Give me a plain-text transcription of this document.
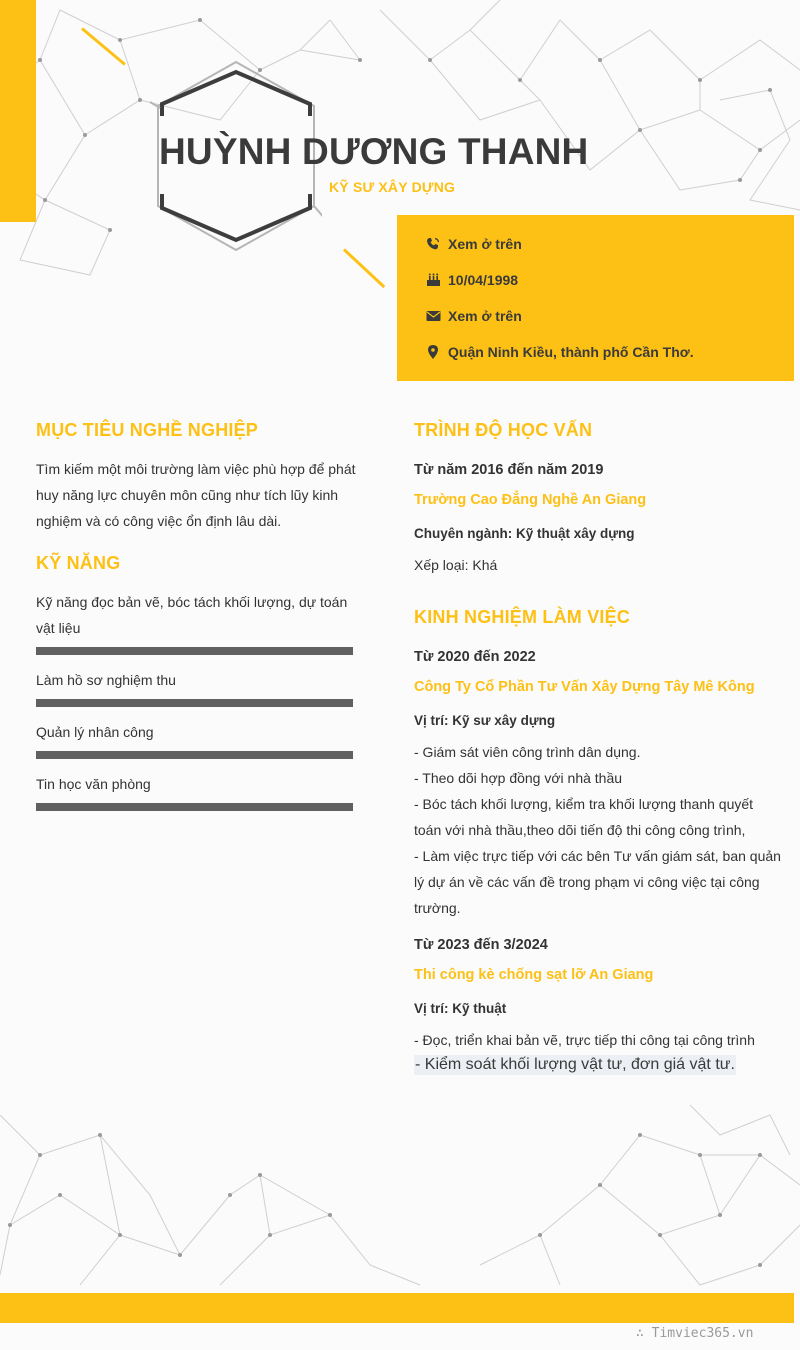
HUỲNH DƯƠNG THANH
KỸ SƯ XÂY DỰNG
Xem ở trên
10/04/1998
Xem ở trên
Quận Ninh Kiều, thành phố Cần Thơ.
MỤC TIÊU NGHỀ NGHIỆP
Tìm kiếm một môi trường làm việc phù hợp để phát huy năng lực chuyên môn cũng như tích lũy kinh nghiệm và có công việc ổn định lâu dài.
KỸ NĂNG
Kỹ năng đọc bản vẽ, bóc tách khối lượng, dự toán vật liệu
Làm hồ sơ nghiệm thu
Quản lý nhân công
Tin học văn phòng
TRÌNH ĐỘ HỌC VẤN
Từ năm 2016 đến năm 2019
Trường Cao Đẳng Nghề An Giang
Chuyên ngành: Kỹ thuật xây dựng
Xếp loại: Khá
KINH NGHIỆM LÀM VIỆC
Từ 2020 đến 2022
Công Ty Cổ Phần Tư Vấn Xây Dựng Tây Mê Kông
Vị trí: Kỹ sư xây dựng
- Giám sát viên công trình dân dụng.
- Theo dõi hợp đồng với nhà thầu
- Bóc tách khối lượng, kiểm tra khối lượng thanh quyết toán với nhà thầu,theo dõi tiến độ thi công công trình,
- Làm việc trực tiếp với các bên Tư vấn giám sát, ban quản lý dự án về các vấn đề trong phạm vi công việc tại công trường.
Từ 2023 đến 3/2024
Thi công kè chống sạt lỡ An Giang
Vị trí: Kỹ thuật
- Đọc, triển khai bản vẽ, trực tiếp thi công tại công trình
- Kiểm soát khối lượng vật tư, đơn giá vật tư.
∴ Timviec365.vn
